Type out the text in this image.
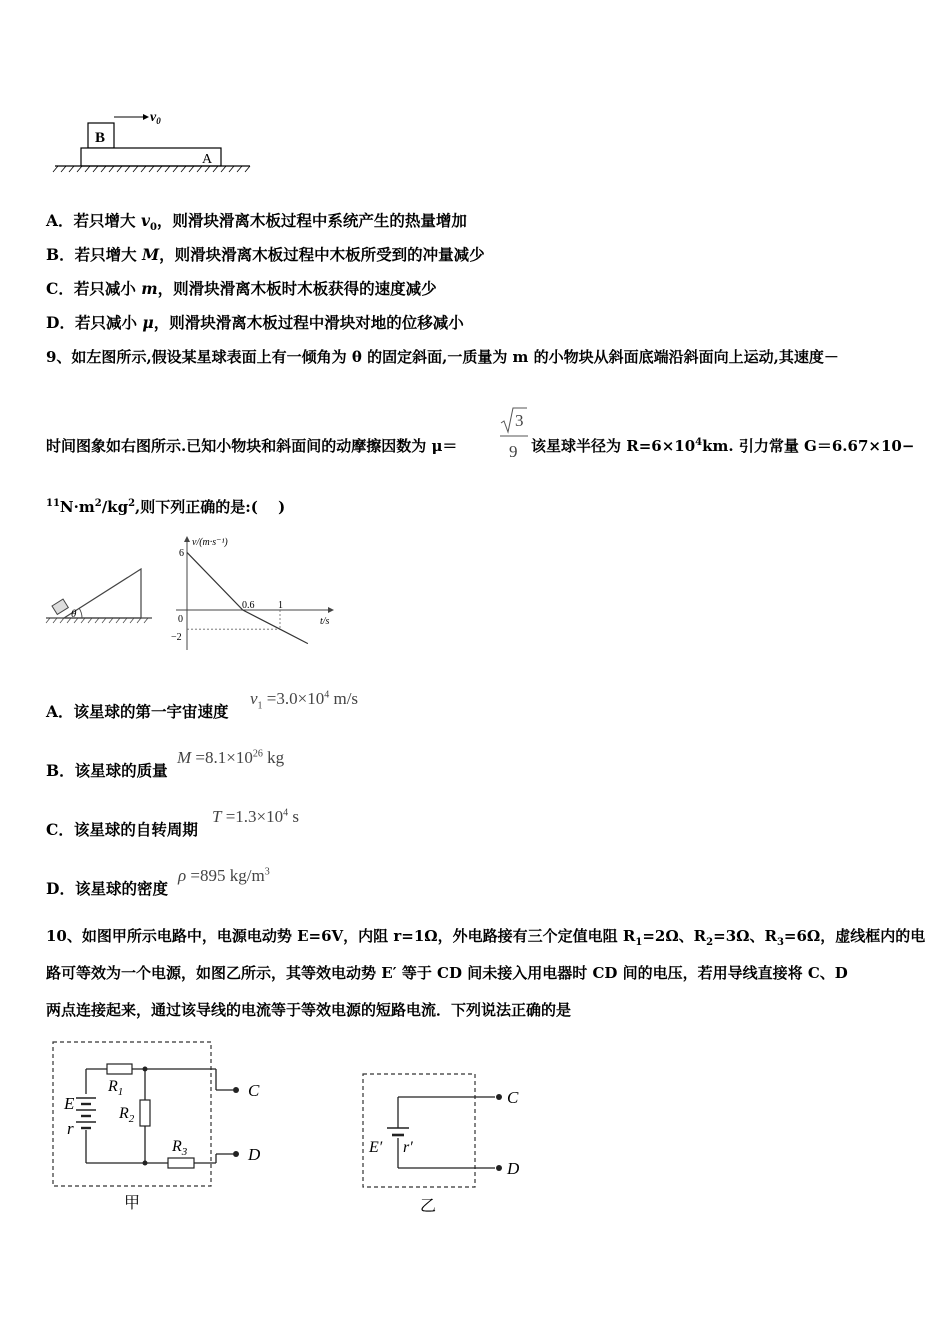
B
A
$v_0$
A．若只增大 $v_0$，则滑块滑离木板过程中系统产生的热量增加
B．若只增大 M，则滑块滑离木板过程中木板所受到的冲量减少
C．若只减小 m，则滑块滑离木板时木板获得的速度减少
D．若只减小 μ，则滑块滑离木板过程中滑块对地的位移减小
9、如左图所示,假设某星球表面上有一倾角为 θ 的固定斜面,一质量为 m 的小物块从斜面底端沿斜面向上运动,其速度－
时间图象如右图所示.已知小物块和斜面间的动摩擦因数为 μ＝
3
9 该星球半径为 $R=6\times 10^4km$. 引力常量 G＝6.67×10−
$^{11}N\cdot m^2/kg^2$,则下列正确的是:(　 )
θ
v/(m·s⁻¹)
t/s
6
0
−2
0.6 1
A．该星球的第一宇宙速度
$v_1 =3.0\times 10^4$ m/s
B．该星球的质量
$M =8.1\times 10^{26}$ kg
C．该星球的自转周期
$T =1.3\times 10^4$ s
D．该星球的密度
ρ =895 $kg/m^3$
10、如图甲所示电路中，电源电动势 E=6V，内阻 r=1Ω，外电路接有三个定值电阻 $R_1=2\Omega$、$R_2=3\Omega$、$R_3=6\Omega$，虚线框内的电
路可等效为一个电源，如图乙所示，其等效电动势 E′ 等于 CD 间未接入用电器时 CD 间的电压，若用导线直接将 C、D
两点连接起来，通过该导线的电流等于等效电源的短路电流．下列说法正确的是
E
r
$R_1$
$R_2$
$R_3$
C
D
甲
E′ r′
C
D
乙
